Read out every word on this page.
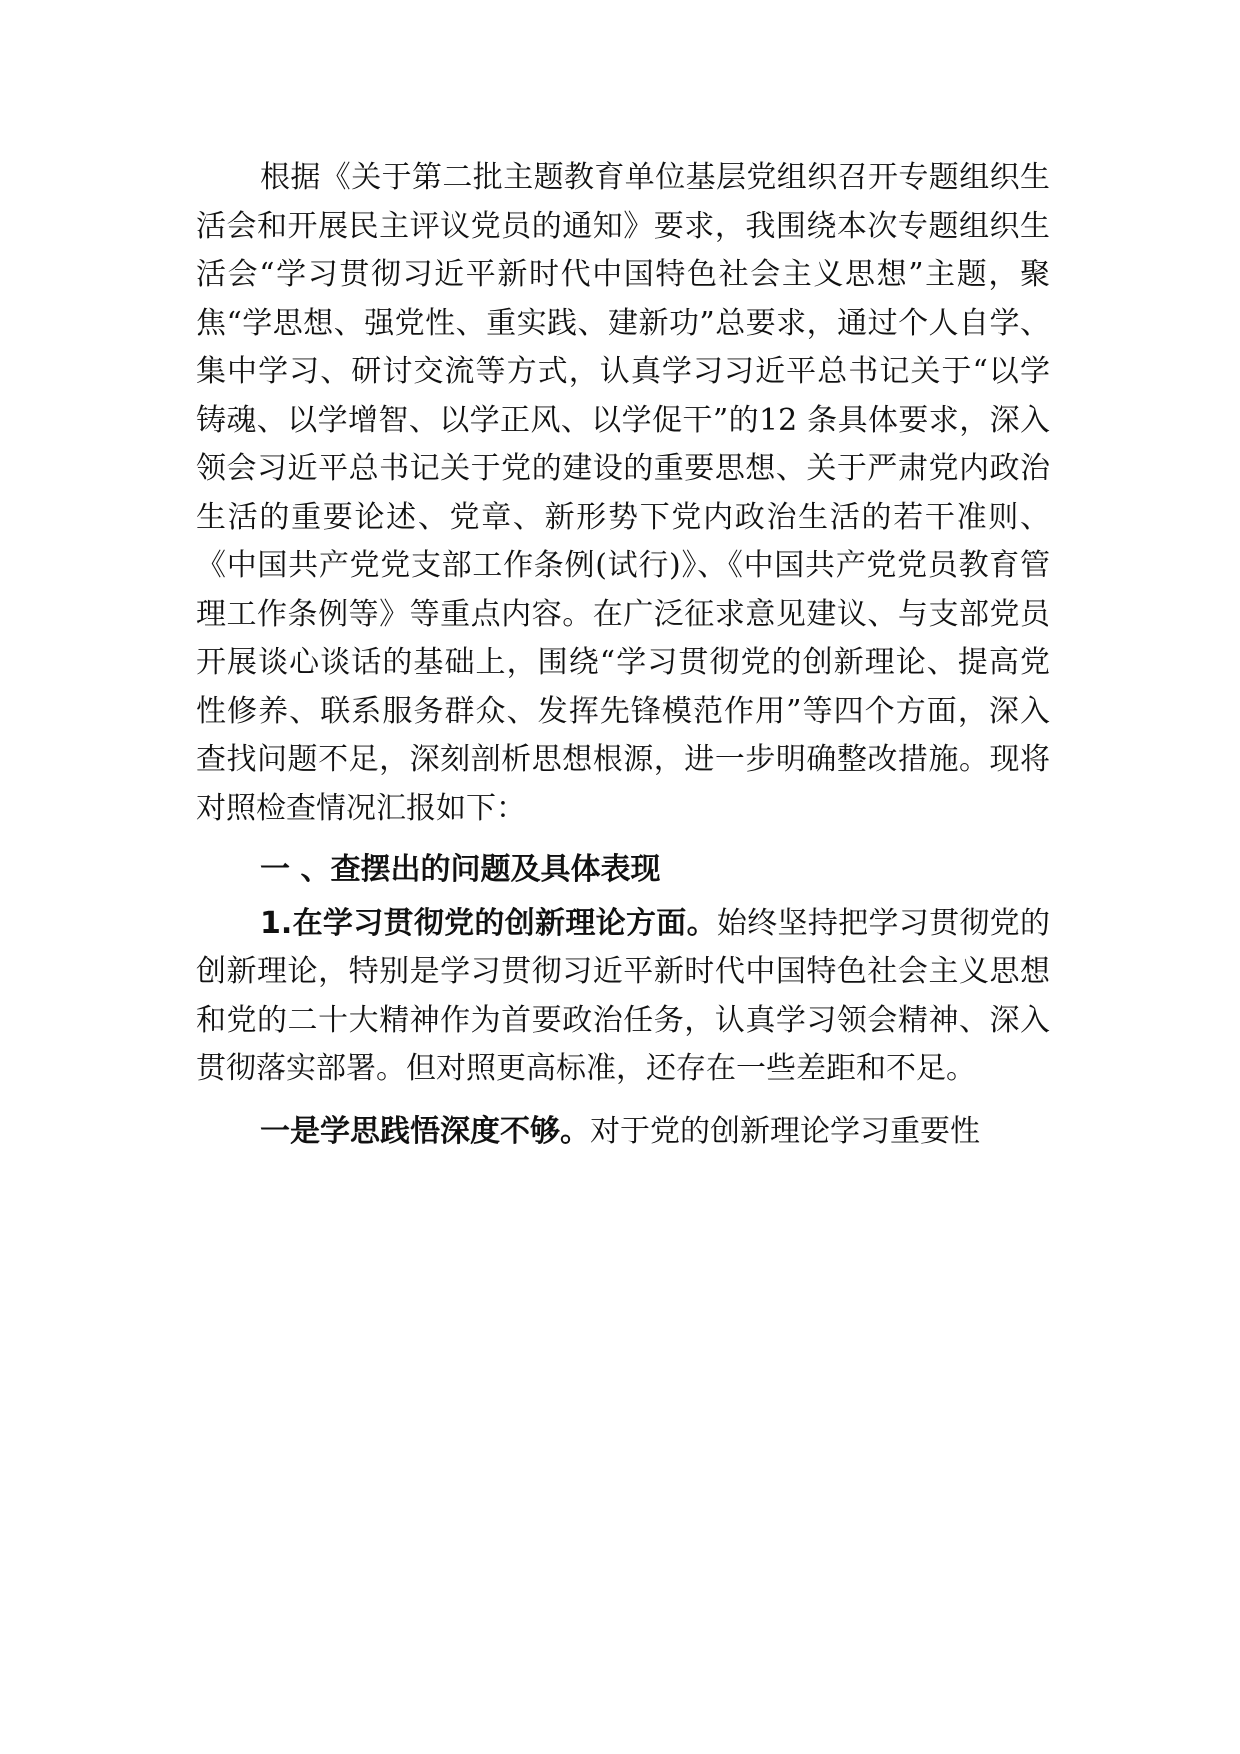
根据《关于第二批主题教育单位基层党组织召开专题组织生活会和开展民主评议党员的通知》要求，我围绕本次专题组织生活会“学习贯彻习近平新时代中国特色社会主义思想”主题，聚焦“学思想、强党性、重实践、建新功”总要求，通过个人自学、集中学习、研讨交流等方式，认真学习习近平总书记关于“以学铸魂、以学增智、以学正风、以学促干”的12 条具体要求，深入领会习近平总书记关于党的建设的重要思想、关于严肃党内政治生活的重要论述、党章、新形势下党内政治生活的若干准则、《中国共产党党支部工作条例(试行)》、《中国共产党党员教育管理工作条例等》等重点内容。在广泛征求意见建议、与支部党员开展谈心谈话的基础上，围绕“学习贯彻党的创新理论、提高党性修养、联系服务群众、发挥先锋模范作用”等四个方面，深入查找问题不足，深刻剖析思想根源，进一步明确整改措施。现将对照检查情况汇报如下：

一 、查摆出的问题及具体表现

1.在学习贯彻党的创新理论方面。始终坚持把学习贯彻党的创新理论，特别是学习贯彻习近平新时代中国特色社会主义思想和党的二十大精神作为首要政治任务，认真学习领会精神、深入贯彻落实部署。但对照更高标准，还存在一些差距和不足。

一是学思践悟深度不够。对于党的创新理论学习重要性
